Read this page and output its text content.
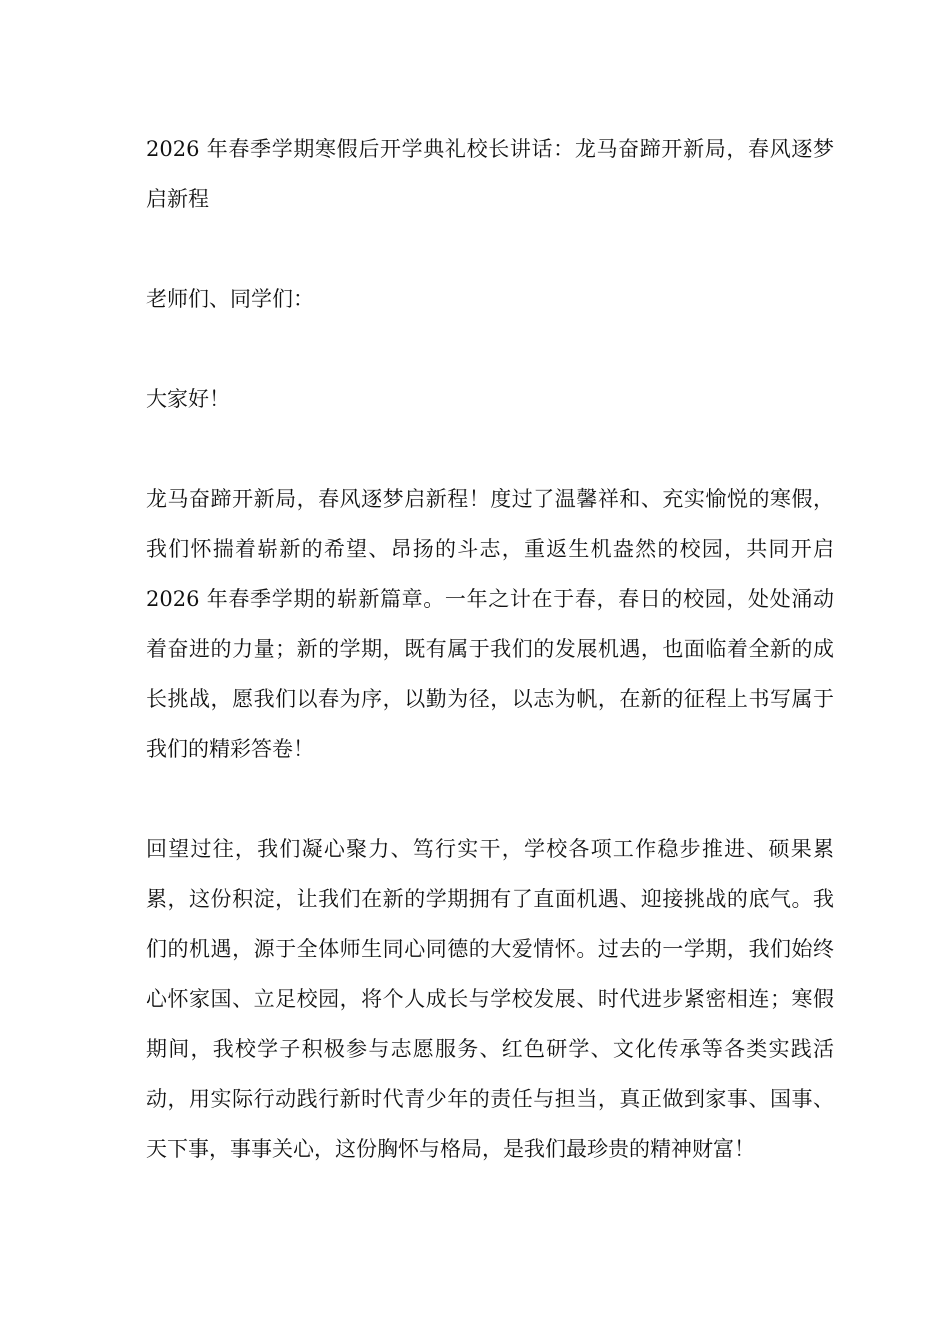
2026 年春季学期寒假后开学典礼校长讲话：龙马奋蹄开新局，春风逐梦启新程

老师们、同学们：

大家好！

龙马奋蹄开新局，春风逐梦启新程！度过了温馨祥和、充实愉悦的寒假，我们怀揣着崭新的希望、昂扬的斗志，重返生机盎然的校园，共同开启 2026 年春季学期的崭新篇章。一年之计在于春，春日的校园，处处涌动着奋进的力量；新的学期，既有属于我们的发展机遇，也面临着全新的成长挑战，愿我们以春为序，以勤为径，以志为帆，在新的征程上书写属于我们的精彩答卷！

回望过往，我们凝心聚力、笃行实干，学校各项工作稳步推进、硕果累累，这份积淀，让我们在新的学期拥有了直面机遇、迎接挑战的底气。我们的机遇，源于全体师生同心同德的大爱情怀。过去的一学期，我们始终心怀家国、立足校园，将个人成长与学校发展、时代进步紧密相连；寒假期间，我校学子积极参与志愿服务、红色研学、文化传承等各类实践活动，用实际行动践行新时代青少年的责任与担当，真正做到家事、国事、天下事，事事关心，这份胸怀与格局，是我们最珍贵的精神财富！
